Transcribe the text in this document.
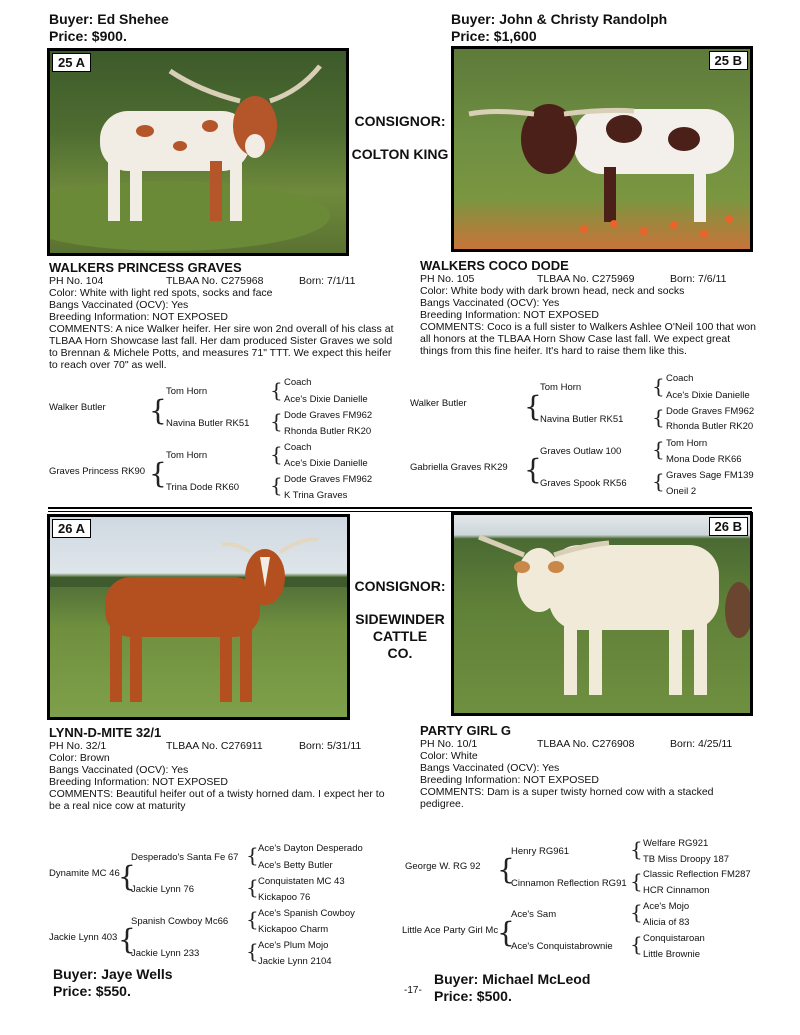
Buyer: Ed Shehee
Price: $900.
Buyer: John & Christy Randolph
Price: $1,600
25 A	25 B
CONSIGNOR:
COLTON KING
WALKERS PRINCESS GRAVES
PH No. 104	TLBAA No. C275968	Born: 7/1/11
Color: White with light red spots, socks and face
Bangs Vaccinated (OCV): Yes
Breeding Information: NOT EXPOSED
COMMENTS: A nice Walker heifer. Her sire won 2nd overall of his class at TLBAA Horn Showcase last fall. Her dam produced Sister Graves we sold to Brennan & Michele Potts, and measures 71" TTT. We expect this heifer to reach over 70" as well.
WALKERS COCO DODE
PH No. 105	TLBAA No. C275969	Born: 7/6/11
Color: White body with dark brown head, neck and socks
Bangs Vaccinated (OCV): Yes
Breeding Information: NOT EXPOSED
COMMENTS: Coco is a full sister to Walkers Ashlee O'Neil 100 that won all honors at the TLBAA Horn Show Case last fall. We expect great things from this fine heifer. It's hard to raise them like this.
Walker Butler {
Tom Horn	{ Coach
Ace's Dixie Danielle
Navina Butler RK51 { Dode Graves FM962
Rhonda Butler RK20
Graves Princess RK90 {
Tom Horn	{ Coach
Ace's Dixie Danielle
Trina Dode RK60 { Dode Graves FM962
K Trina Graves
Walker Butler {
Tom Horn	{ Coach
Ace's Dixie Danielle
Navina Butler RK51 { Dode Graves FM962
Rhonda Butler RK20
Gabriella Graves RK29 {
Graves Outlaw 100 { Tom Horn
Mona Dode RK66
Graves Spook RK56 { Graves Sage FM139
Oneil 2
26 A	26 B
CONSIGNOR:
SIDEWINDER
CATTLE
CO.
LYNN-D-MITE 32/1
PH No. 32/1	TLBAA No. C276911	Born: 5/31/11
Color: Brown
Bangs Vaccinated (OCV): Yes
Breeding Information: NOT EXPOSED
COMMENTS: Beautiful heifer out of a twisty horned dam. I expect her to be a real nice cow at maturity
PARTY GIRL G
PH No. 10/1	TLBAA No. C276908	Born: 4/25/11
Color: White
Bangs Vaccinated (OCV): Yes
Breeding Information: NOT EXPOSED
COMMENTS: Dam is a super twisty horned cow with a stacked pedigree.
Dynamite MC 46
{
Desperado's Santa Fe 67 { Ace's Dayton Desperado
Ace's Betty Butler
Jackie Lynn 76	{ Conquistaten MC 43
Kickapoo 76
Jackie Lynn 403 {
Spanish Cowboy Mc66 { Ace's Spanish Cowboy
Kickapoo Charm
Jackie Lynn 233 { Ace's Plum Mojo
Jackie Lynn 2104
George W. RG 92 {
Henry RG961	{ Welfare RG921
TB Miss Droopy 187
Cinnamon Reflection RG91 { Classic Reflection FM287
HCR Cinnamon
Little Ace Party Girl Mc
{
Ace's Sam	{ Ace's Mojo
Alicia of 83
Ace's Conquistabrownie { Conquistaroan
Little Brownie
Buyer: Jaye Wells
Price: $550.
Buyer: Michael McLeod
Price: $500.
-17-
